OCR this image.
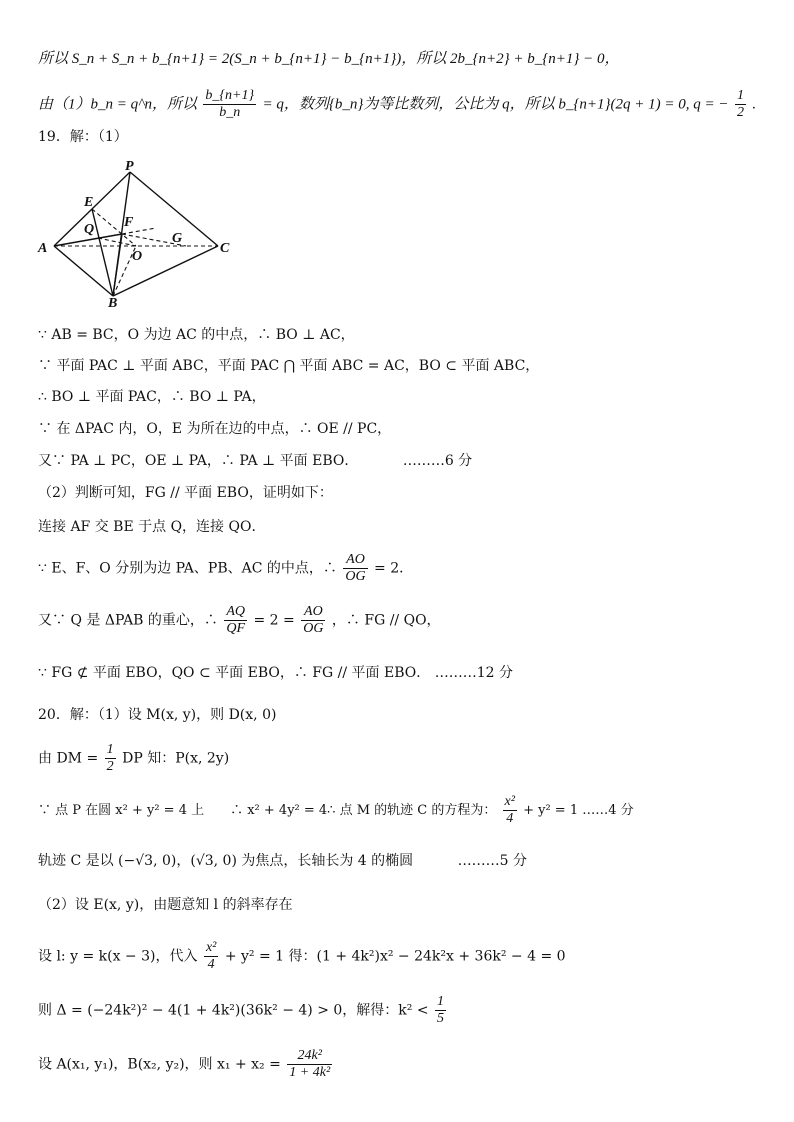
所以 S_n + S_n + b_{n+1} = 2(S_n + b_{n+1} − b_{n+1})，所以 2b_{n+2} + b_{n+1} − 0，
由（1）b_n = q^n，所以 $\frac{b\_\{n+1\}}{b\_n} = q$，数列{b_n}为等比数列，公比为 q，所以 b_{n+1}(2q + 1) = 0, q = − $\frac{1}{2}$ .
19．解：（1）
P
E
F
Q
G
A
O
C
B
∵ AB = BC，O 为边 AC 的中点，∴ BO ⊥ AC，
∵ 平面 PAC ⊥ 平面 ABC，平面 PAC ⋂ 平面 ABC = AC，BO ⊂ 平面 ABC，
∴ BO ⊥ 平面 PAC，∴ BO ⊥ PA，
∵ 在 ΔPAC 内，O，E 为所在边的中点，∴ OE // PC，
又∵ PA ⊥ PC，OE ⊥ PA，∴ PA ⊥ 平面 EBO．	………6 分
（2）判断可知，FG // 平面 EBO，证明如下：
连接 AF 交 BE 于点 Q，连接 QO．
∵ E、F、O 分别为边 PA、PB、AC 的中点，∴ $\frac{AO}{OG} = 2$．
又∵ Q 是 ΔPAB 的重心，∴ $\frac{AQ}{QF} = 2 = \frac{AO}{OG}$ ，∴ FG // QO，
∵ FG ⊄ 平面 EBO，QO ⊂ 平面 EBO，∴ FG // 平面 EBO． ………12 分
20．解：（1）设 M(x, y)，则 D(x, 0)
由 DM = $\frac{1}{2}$ DP 知：P(x, 2y)
∵ 点 P 在圆 x² + y² = 4 上　　∴ x² + 4y² = 4∴ 点 M 的轨迹 C 的方程为： $\frac{\text{x²}}{4} + y^2 = 1$ ……4 分
轨迹 C 是以 (−√3, 0)，(√3, 0) 为焦点，长轴长为 4 的椭圆	………5 分
（2）设 E(x, y)，由题意知 l 的斜率存在
设 l: y = k(x − 3)，代入 $\frac{\text{x²}}{4} + y^2 = 1$ 得：(1 + 4k²)x² − 24k²x + 36k² − 4 = 0
则 Δ = (−24k²)² − 4(1 + 4k²)(36k² − 4) > 0，解得：$k^2 < \frac{1}{5}$
设 A(x₁, y₁)，B(x₂, y₂)，则 $x_1 + x_2 = \frac{\text{24k²}}{\text{1 + 4k²}}$
